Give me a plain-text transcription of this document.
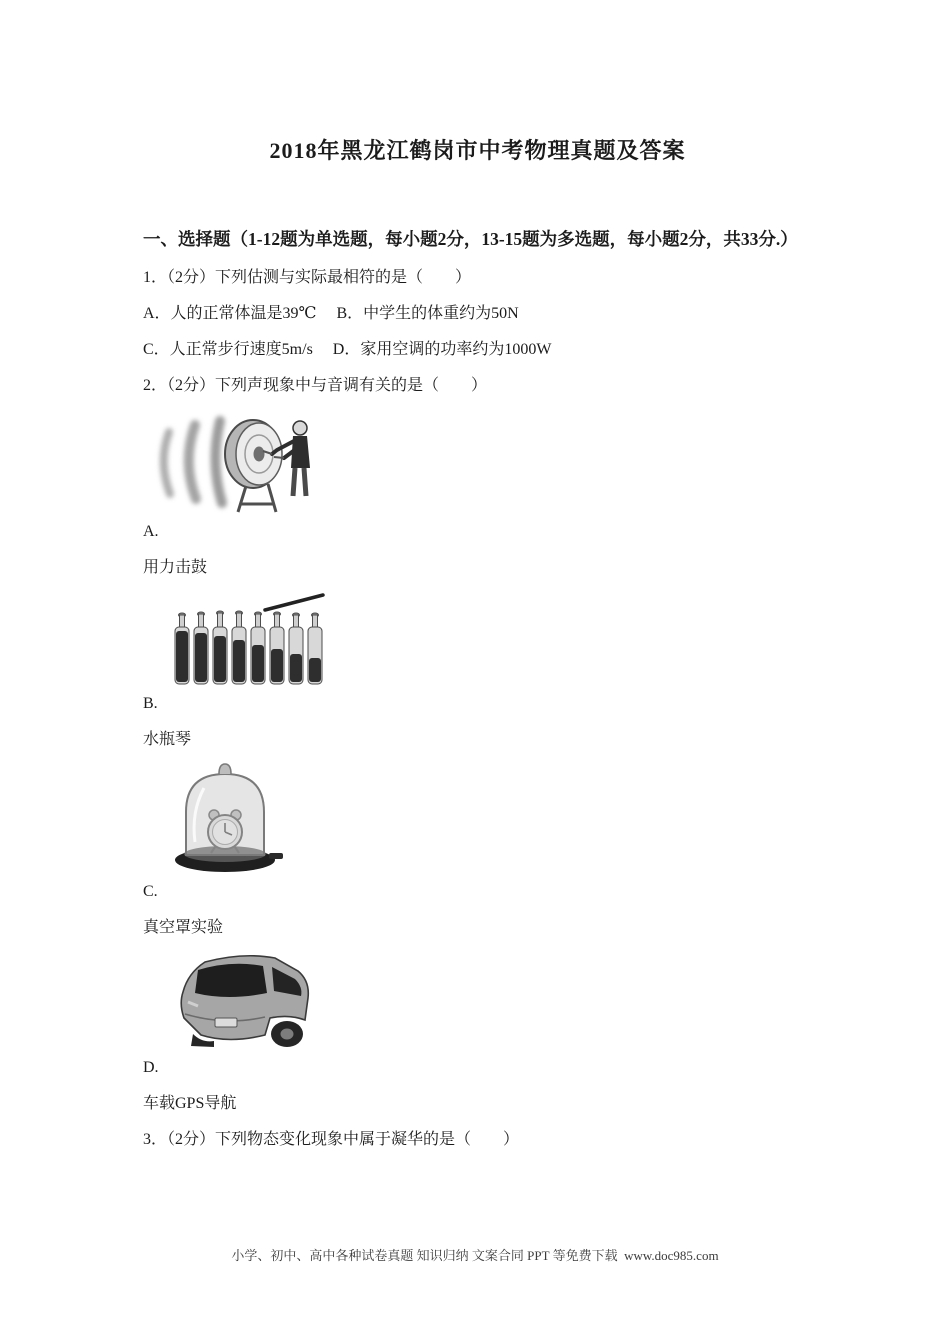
2018年黑龙江鹤岗市中考物理真题及答案

一、选择题（1-12题为单选题，每小题2分，13-15题为多选题，每小题2分，共33分.）

1．（2分）下列估测与实际最相符的是（　　）

A．人的正常体温是39℃　 B．中学生的体重约为50N

C．人正常步行速度5m/s　 D．家用空调的功率约为1000W

2．（2分）下列声现象中与音调有关的是（　　）

A.

用力击鼓

B.

水瓶琴

C.

真空罩实验

D.

车载GPS导航

3．（2分）下列物态变化现象中属于凝华的是（　　）

小学、初中、高中各种试卷真题 知识归纳 文案合同 PPT 等免费下载  www.doc985.com
